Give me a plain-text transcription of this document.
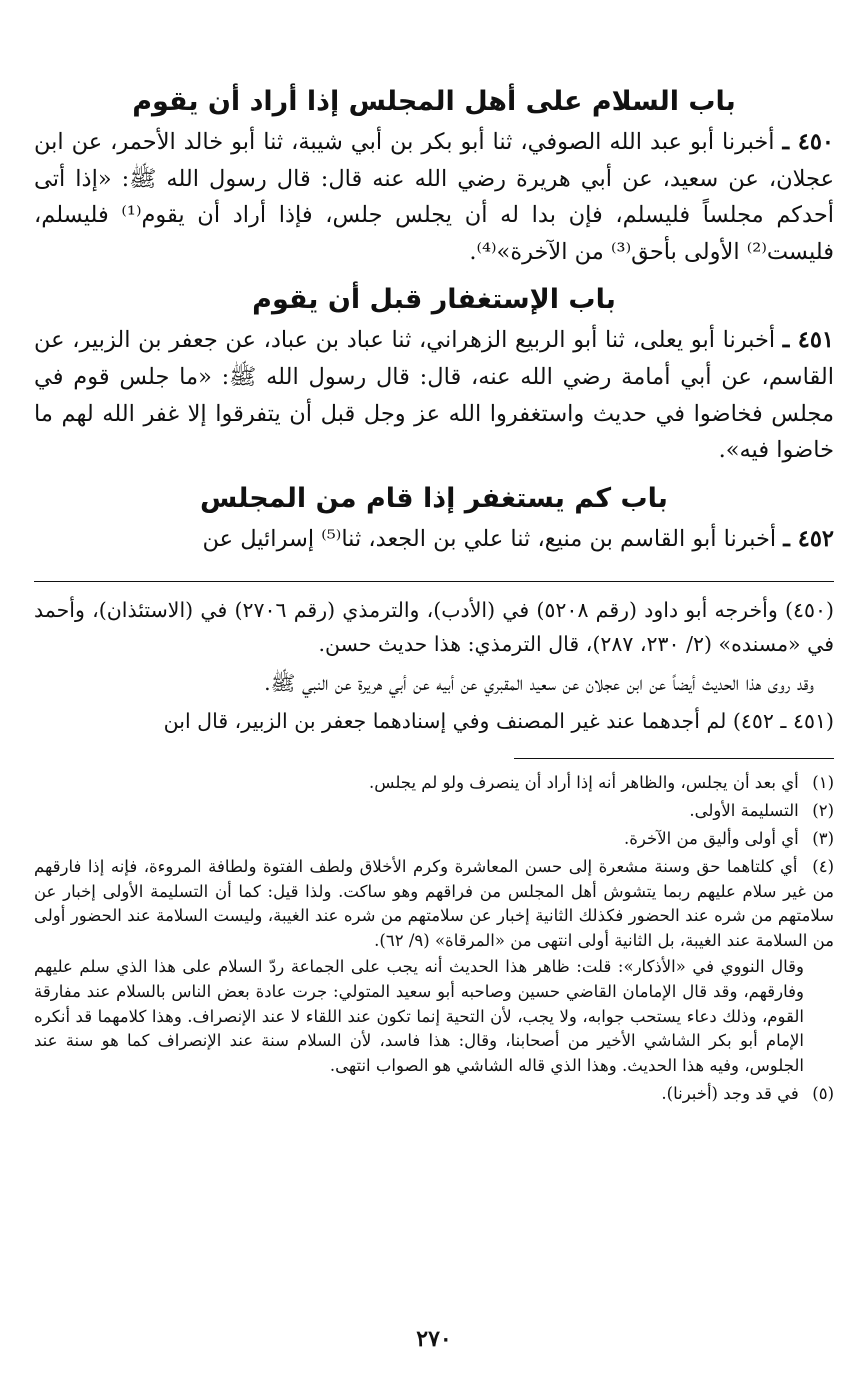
باب السلام على أهل المجلس إذا أراد أن يقوم

٤٥٠ ـ أخبرنا أبو عبد الله الصوفي، ثنا أبو بكر بن أبي شيبة، ثنا أبو خالد الأحمر، عن ابن عجلان، عن سعيد، عن أبي هريرة رضي الله عنه قال: قال رسول الله ﷺ: «إذا أتى أحدكم مجلساً فليسلم، فإن بدا له أن يجلس جلس، فإذا أراد أن يقوم⁽¹⁾ فليسلم، فليست⁽²⁾ الأولى بأحق⁽³⁾ من الآخرة»⁽⁴⁾.

باب الإستغفار قبل أن يقوم

٤٥١ ـ أخبرنا أبو يعلى، ثنا أبو الربيع الزهراني، ثنا عباد بن عباد، عن جعفر بن الزبير، عن القاسم، عن أبي أمامة رضي الله عنه، قال: قال رسول الله ﷺ: «ما جلس قوم في مجلس فخاضوا في حديث واستغفروا الله عز وجل قبل أن يتفرقوا إلا غفر الله لهم ما خاضوا فيه».

باب كم يستغفر إذا قام من المجلس

٤٥٢ ـ أخبرنا أبو القاسم بن منيع، ثنا علي بن الجعد، ثنا⁽⁵⁾ إسرائيل عن

(٤٥٠) وأخرجه أبو داود (رقم ٥٢٠٨) في (الأدب)، والترمذي (رقم ٢٧٠٦) في (الاستئذان)، وأحمد في «مسنده» (٢/ ٢٣٠، ٢٨٧)، قال الترمذي: هذا حديث حسن.

وقد روى هذا الحديث أيضاً عن ابن عجلان عن سعيد المقبري عن أبيه عن أبي هريرة عن النبي ﷺ.

(٤٥١ ـ ٤٥٢) لم أجدهما عند غير المصنف وفي إسنادهما جعفر بن الزبير، قال ابن

(١) أي بعد أن يجلس، والظاهر أنه إذا أراد أن ينصرف ولو لم يجلس.
(٢) التسليمة الأولى.
(٣) أي أولى وأليق من الآخرة.
(٤) أي كلتاهما حق وسنة مشعرة إلى حسن المعاشرة وكرم الأخلاق ولطف الفتوة ولطافة المروءة، فإنه إذا فارقهم من غير سلام عليهم ربما يتشوش أهل المجلس من فراقهم وهو ساكت. ولذا قيل: كما أن التسليمة الأولى إخبار عن سلامتهم من شره عند الحضور فكذلك الثانية إخبار عن سلامتهم من شره عند الغيبة، وليست السلامة عند الحضور أولى من السلامة عند الغيبة، بل الثانية أولى انتهى من «المرقاة» (٩/ ٦٢).
وقال النووي في «الأذكار»: قلت: ظاهر هذا الحديث أنه يجب على الجماعة ردّ السلام على هذا الذي سلم عليهم وفارقهم، وقد قال الإمامان القاضي حسين وصاحبه أبو سعيد المتولي: جرت عادة بعض الناس بالسلام عند مفارقة القوم، وذلك دعاء يستحب جوابه، ولا يجب، لأن التحية إنما تكون عند اللقاء لا عند الإنصراف. وهذا كلامهما قد أنكره الإمام أبو بكر الشاشي الأخير من أصحابنا، وقال: هذا فاسد، لأن السلام سنة عند الإنصراف كما هو سنة عند الجلوس، وفيه هذا الحديث. وهذا الذي قاله الشاشي هو الصواب انتهى.
(٥) في قد وجد (أخبرنا).
٢٧٠
